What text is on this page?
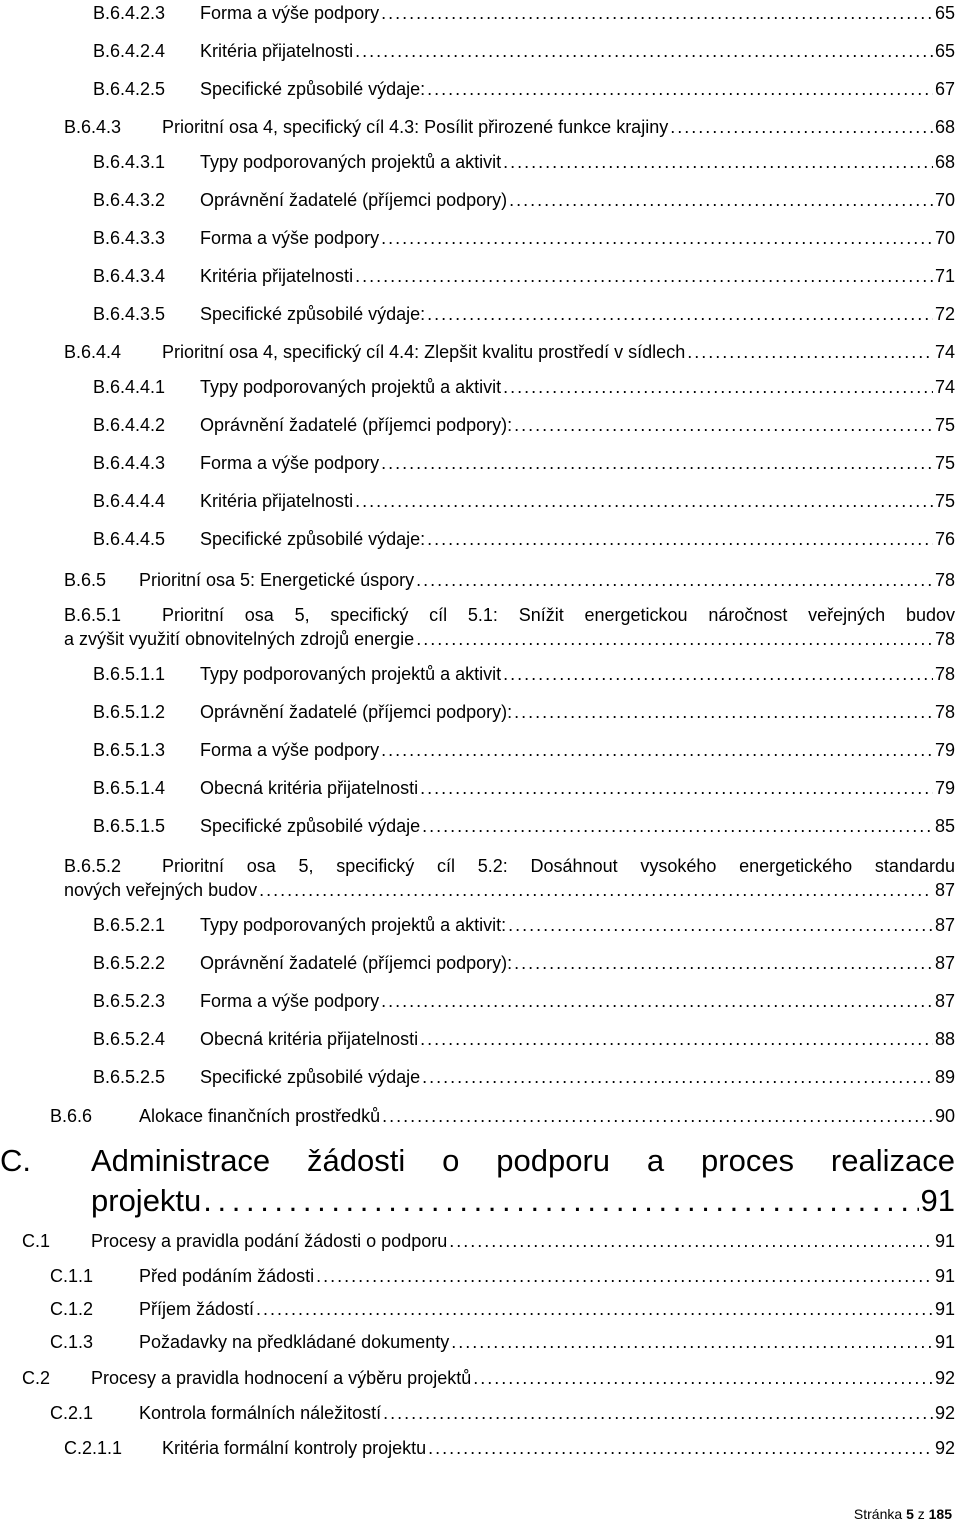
B.6.4.2.3 Forma a výše podpory . . .	65
B.6.4.2.4 Kritéria přijatelnosti . . .	65
B.6.4.2.5 Specifické způsobilé výdaje: . . .	67
B.6.4.3 Prioritní osa 4, specifický cíl 4.3: Posílit přirozené funkce krajiny . . .	68
B.6.4.3.1 Typy podporovaných projektů a aktivit . . .	68
B.6.4.3.2 Oprávnění žadatelé (příjemci podpory) . . .	70
B.6.4.3.3 Forma a výše podpory . . .	70
B.6.4.3.4 Kritéria přijatelnosti . . .	71
B.6.4.3.5 Specifické způsobilé výdaje: . . .	72
B.6.4.4 Prioritní osa 4, specifický cíl 4.4: Zlepšit kvalitu prostředí v sídlech . . .	74
B.6.4.4.1 Typy podporovaných projektů a aktivit . . .	74
B.6.4.4.2 Oprávnění žadatelé (příjemci podpory): . . .	75
B.6.4.4.3 Forma a výše podpory . . .	75
B.6.4.4.4 Kritéria přijatelnosti . . .	75
B.6.4.4.5 Specifické způsobilé výdaje: . . .	76
B.6.5 Prioritní osa 5: Energetické úspory . . .	78
B.6.5.1 Prioritní osa 5, specifický cíl 5.1: Snížit energetickou náročnost veřejných budov
a zvýšit využití obnovitelných zdrojů energie . . .	78
B.6.5.1.1 Typy podporovaných projektů a aktivit . . .	78
B.6.5.1.2 Oprávnění žadatelé (příjemci podpory): . . .	78
B.6.5.1.3 Forma a výše podpory . . .	79
B.6.5.1.4 Obecná kritéria přijatelnosti . . .	79
B.6.5.1.5 Specifické způsobilé výdaje . . .	85
B.6.5.2 Prioritní osa 5, specifický cíl 5.2: Dosáhnout vysokého energetického standardu
nových veřejných budov . . .	87
B.6.5.2.1 Typy podporovaných projektů a aktivit: . . .	87
B.6.5.2.2 Oprávnění žadatelé (příjemci podpory): . . .	87
B.6.5.2.3 Forma a výše podpory . . .	87
B.6.5.2.4 Obecná kritéria přijatelnosti . . .	88
B.6.5.2.5 Specifické způsobilé výdaje . . .	89
B.6.6	Alokace finančních prostředků . . .	90
C. Administrace žádosti o podporu a proces realizace
projektu . . .	91
C.1 Procesy a pravidla podání žádosti o podporu . . .	91
C.1.1	Před podáním žádosti . . .	91
C.1.2	Příjem žádostí . . .	91
C.1.3	Požadavky na předkládané dokumenty . . .	91
C.2 Procesy a pravidla hodnocení a výběru projektů . . .	92
C.2.1	Kontrola formálních náležitostí . . .	92
C.2.1.1 Kritéria formální kontroly projektu . . .	92
Stránka 5 z 185
